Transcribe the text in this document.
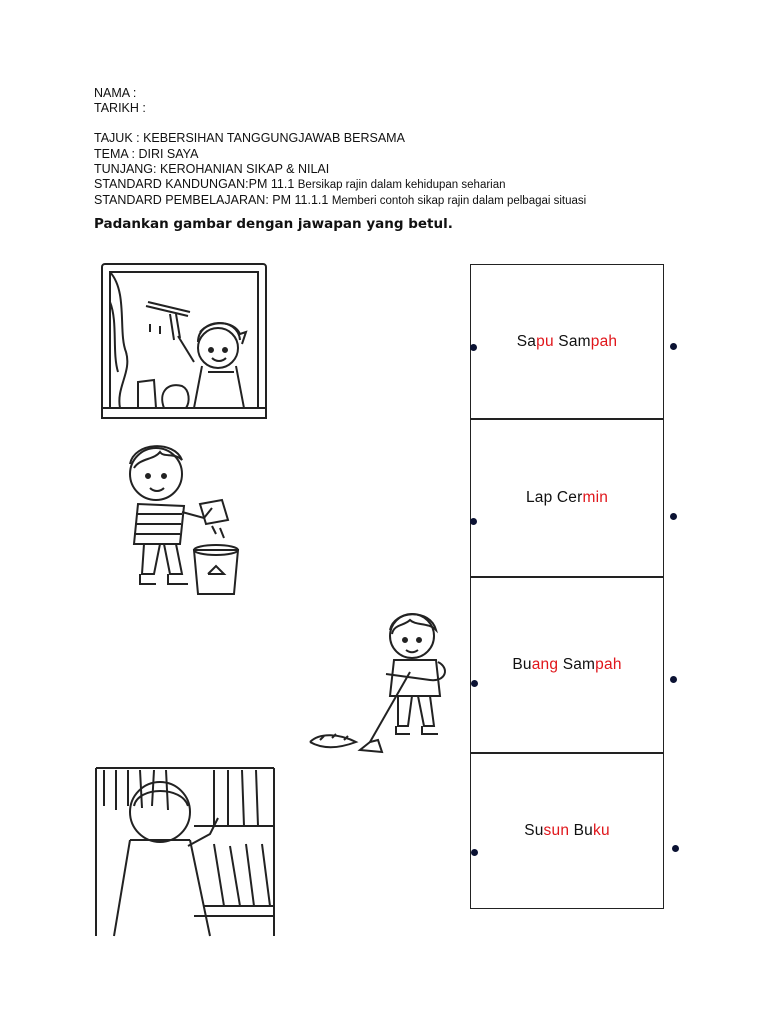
NAMA :
TARIKH :
TAJUK : KEBERSIHAN TANGGUNGJAWAB BERSAMA
TEMA : DIRI SAYA
TUNJANG: KEROHANIAN SIKAP & NILAI
STANDARD KANDUNGAN:PM 11.1 Bersikap rajin dalam kehidupan seharian
STANDARD PEMBELAJARAN: PM 11.1.1 Memberi contoh sikap rajin dalam pelbagai situasi
Padankan gambar dengan jawapan yang betul.
Sapu Sampah
Lap Cermin
Buang Sampah
Susun Buku
